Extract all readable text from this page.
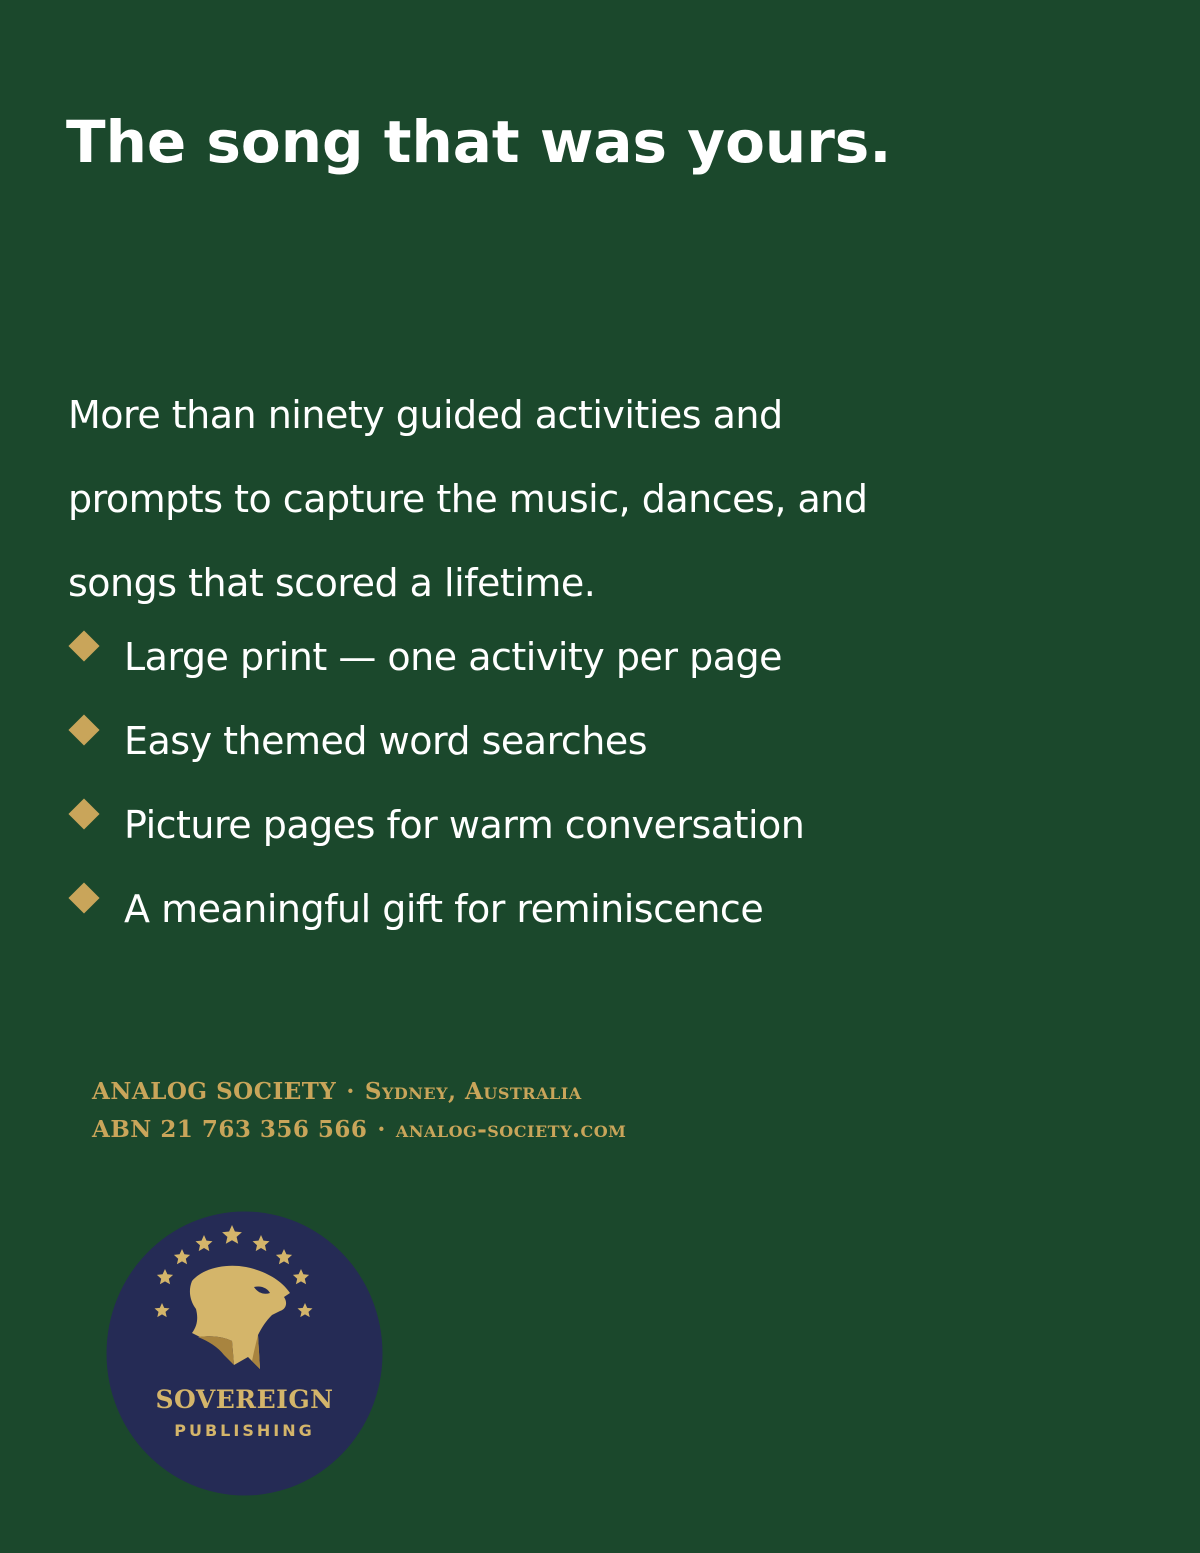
The song that was yours.

More than ninety guided activities and
prompts to capture the music, dances, and
songs that scored a lifetime.

Large print — one activity per page
Easy themed word searches
Picture pages for warm conversation
A meaningful gift for reminiscence
ANALOG SOCIETY · Sydney, Australia
ABN 21 763 356 566 · analog-society.com
SOVEREIGN
PUBLISHING
